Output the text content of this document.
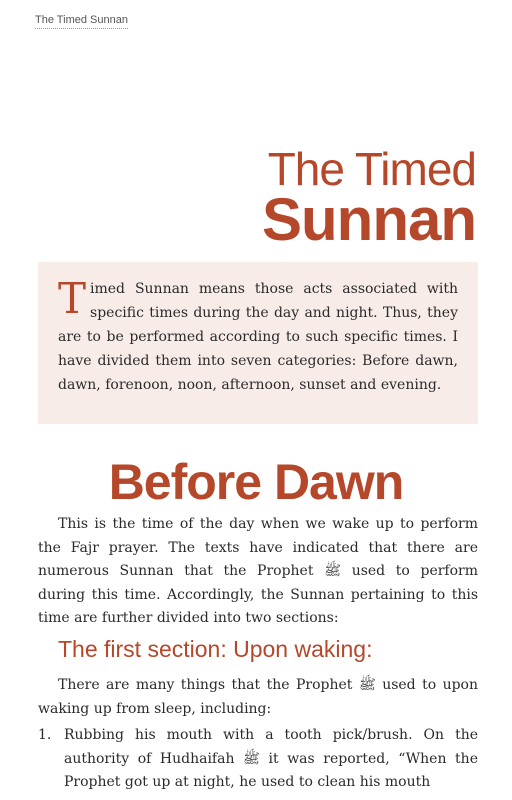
The Timed Sunnan
The Timed
Sunnan

Timed Sunnan means those acts associated with specific times during the day and night. Thus, they are to be performed according to such specific times. I have divided them into seven categories: Before dawn, dawn, forenoon, noon, afternoon, sunset and evening.

Before Dawn

This is the time of the day when we wake up to perform the Fajr prayer. The texts have indicated that there are numerous Sunnan that the Prophet ﷺ used to perform during this time. Accordingly, the Sunnan pertaining to this time are further divided into two sections:

The first section: Upon waking:

There are many things that the Prophet ﷺ used to upon waking up from sleep, including:

1. Rubbing his mouth with a tooth pick/brush. On the authority of Hudhaifah ﷺ it was reported, “When the Prophet got up at night, he used to clean his mouth
